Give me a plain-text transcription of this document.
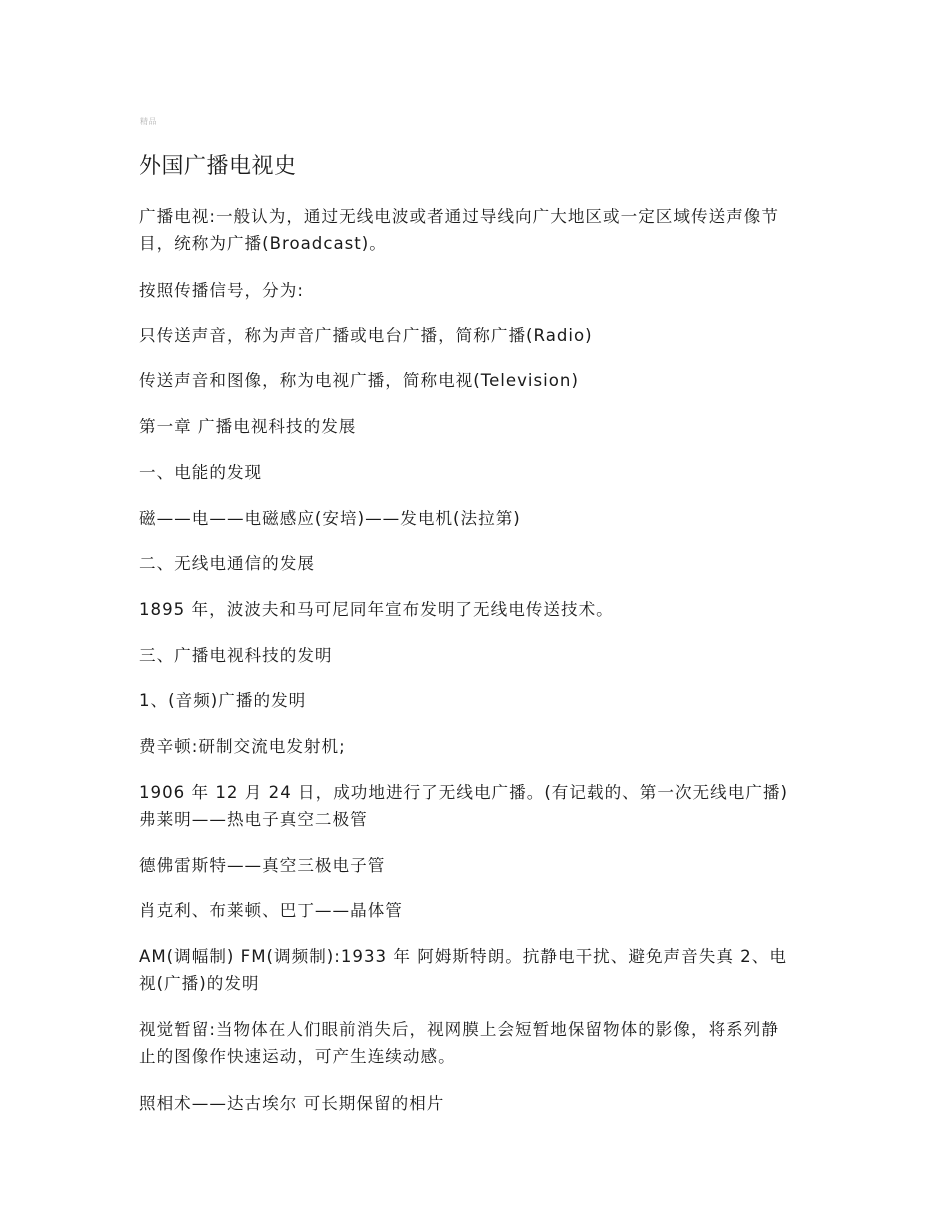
精品
外国广播电视史

广播电视:一般认为，通过无线电波或者通过导线向广大地区或一定区域传送声像节
目，统称为广播(Broadcast)。

按照传播信号，分为:

只传送声音，称为声音广播或电台广播，简称广播(Radio)

传送声音和图像，称为电视广播，简称电视(Television)

第一章 广播电视科技的发展

一、电能的发现

磁——电——电磁感应(安培)——发电机(法拉第)

二、无线电通信的发展

1895 年，波波夫和马可尼同年宣布发明了无线电传送技术。

三、广播电视科技的发明

1、(音频)广播的发明

费辛顿:研制交流电发射机;

1906 年 12 月 24 日，成功地进行了无线电广播。(有记载的、第一次无线电广播)
弗莱明——热电子真空二极管

德佛雷斯特——真空三极电子管

肖克利、布莱顿、巴丁——晶体管

AM(调幅制) FM(调频制):1933 年 阿姆斯特朗。抗静电干扰、避免声音失真 2、电
视(广播)的发明

视觉暂留:当物体在人们眼前消失后，视网膜上会短暂地保留物体的影像，将系列静
止的图像作快速运动，可产生连续动感。

照相术——达古埃尔 可长期保留的相片
